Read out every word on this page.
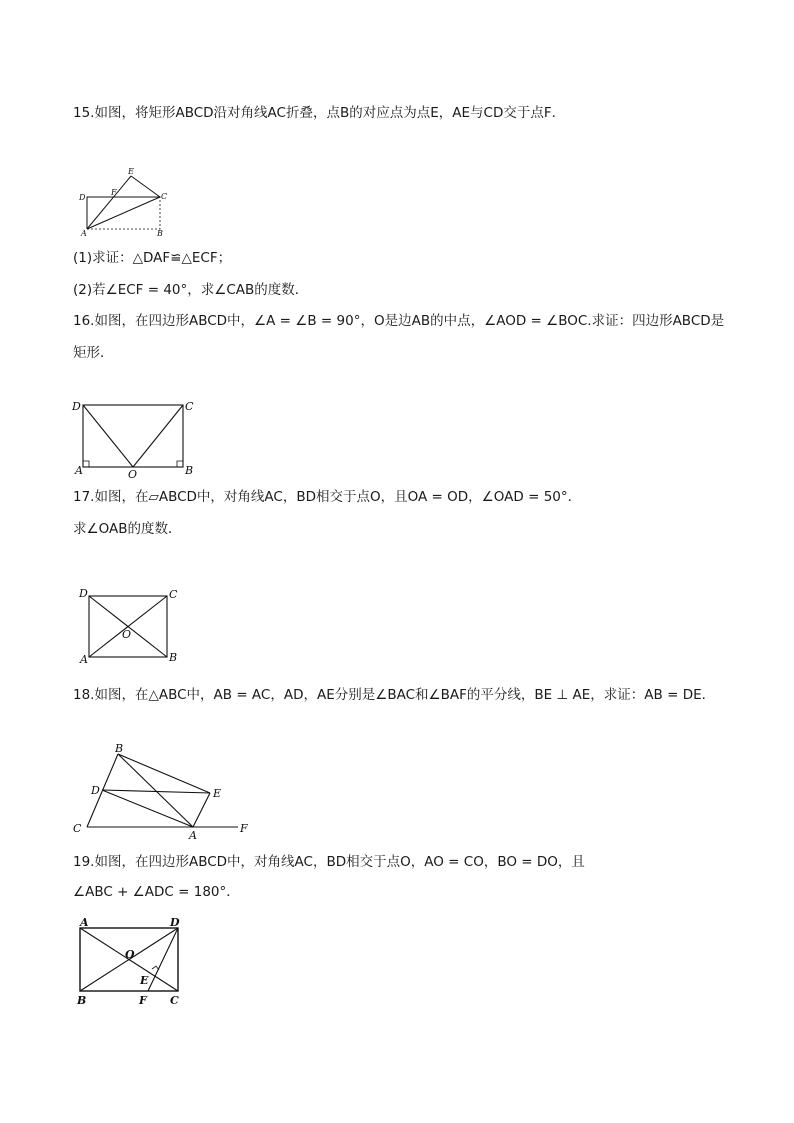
15.如图，将矩形ABCD沿对角线AC折叠，点B的对应点为点E，AE与CD交于点F．
E
F
D	C
A	B
(1)求证：△DAF≌△ECF；
(2)若∠ECF = 40°，求∠CAB的度数．
16.如图，在四边形ABCD中，∠A = ∠B = 90°，O是边AB的中点，∠AOD = ∠BOC.求证：四边形ABCD是
矩形．
D	C
A	O	B
17.如图，在▱ABCD中，对角线AC，BD相交于点O，且OA = OD，∠OAD = 50°．
求∠OAB的度数．
D	C
O
A	B
18.如图，在△ABC中，AB = AC，AD，AE分别是∠BAC和∠BAF的平分线，BE ⊥ AE，求证：AB = DE．
B
D	E
C
A
F
19.如图，在四边形ABCD中，对角线AC，BD相交于点O，AO = CO，BO = DO，且
∠ABC + ∠ADC = 180°．
A	D
O
E
B	F C
